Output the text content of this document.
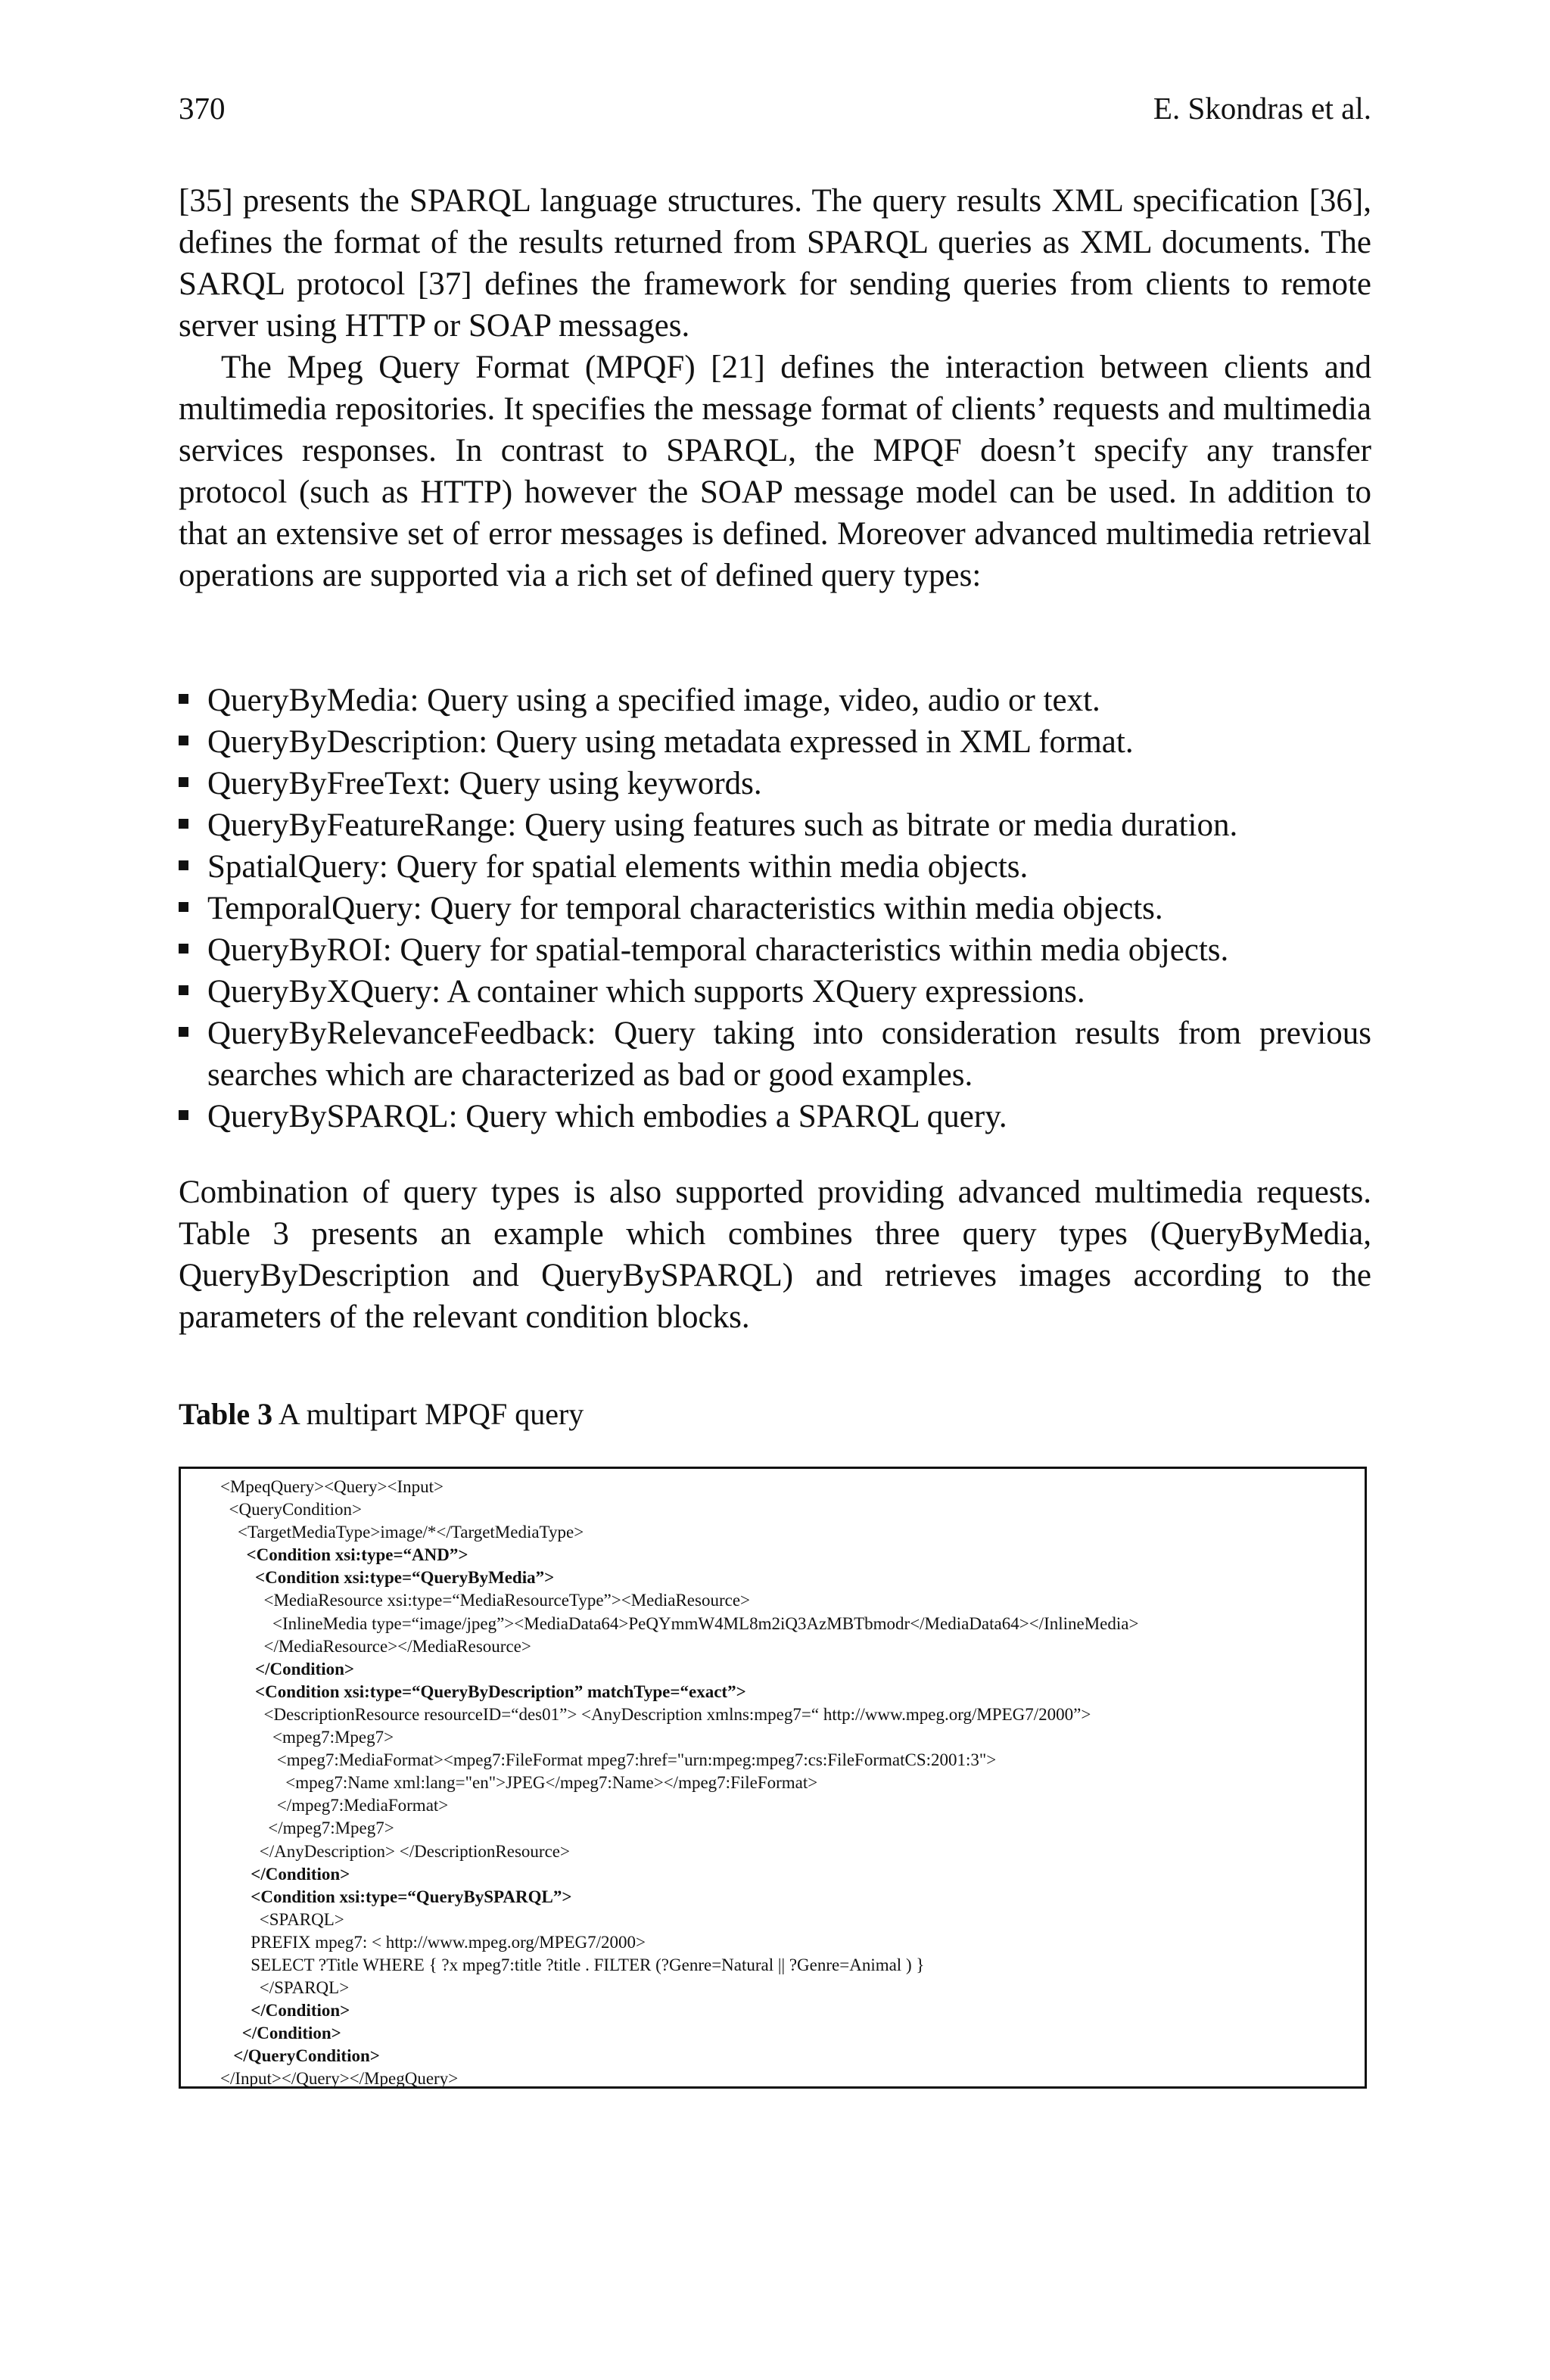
370	E. Skondras et al.

[35] presents the SPARQL language structures. The query results XML specification [36], defines the format of the results returned from SPARQL queries as XML documents. The SARQL protocol [37] defines the framework for sending queries from clients to remote server using HTTP or SOAP messages.

The Mpeg Query Format (MPQF) [21] defines the interaction between clients and multimedia repositories. It specifies the message format of clients’ requests and multimedia services responses. In contrast to SPARQL, the MPQF doesn’t specify any transfer protocol (such as HTTP) however the SOAP message model can be used. In addition to that an extensive set of error messages is defined. Moreover advanced multimedia retrieval operations are supported via a rich set of defined query types:

QueryByMedia: Query using a specified image, video, audio or text.
QueryByDescription: Query using metadata expressed in XML format.
QueryByFreeText: Query using keywords.
QueryByFeatureRange: Query using features such as bitrate or media duration.
SpatialQuery: Query for spatial elements within media objects.
TemporalQuery: Query for temporal characteristics within media objects.
QueryByROI: Query for spatial-temporal characteristics within media objects.
QueryByXQuery: A container which supports XQuery expressions.
QueryByRelevanceFeedback: Query taking into consideration results from previous searches which are characterized as bad or good examples.
QueryBySPARQL: Query which embodies a SPARQL query.

Combination of query types is also supported providing advanced multimedia requests. Table 3 presents an example which combines three query types (QueryByMedia, QueryByDescription and QueryBySPARQL) and retrieves images according to the parameters of the relevant condition blocks.

Table 3 A multipart MPQF query
<MpeqQuery><Query><Input>
<QueryCondition>
<TargetMediaType>image/*</TargetMediaType>
<Condition xsi:type=“AND”>
<Condition xsi:type=“QueryByMedia”>
<MediaResource xsi:type=“MediaResourceType”><MediaResource>
<InlineMedia type=“image/jpeg”><MediaData64>PeQYmmW4ML8m2iQ3AzMBTbmodr</MediaData64></InlineMedia>
</MediaResource></MediaResource>
</Condition>
<Condition xsi:type=“QueryByDescription” matchType=“exact”>
<DescriptionResource resourceID=“des01”> <AnyDescription xmlns:mpeg7=“ http://www.mpeg.org/MPEG7/2000”>
<mpeg7:Mpeg7>
<mpeg7:MediaFormat><mpeg7:FileFormat mpeg7:href="urn:mpeg:mpeg7:cs:FileFormatCS:2001:3">
<mpeg7:Name xml:lang="en">JPEG</mpeg7:Name></mpeg7:FileFormat>
</mpeg7:MediaFormat>
</mpeg7:Mpeg7>
</AnyDescription> </DescriptionResource>
</Condition>
<Condition xsi:type=“QueryBySPARQL”>
<SPARQL>
PREFIX mpeg7: < http://www.mpeg.org/MPEG7/2000>
SELECT ?Title WHERE { ?x mpeg7:title ?title . FILTER (?Genre=Natural || ?Genre=Animal ) }
</SPARQL>
</Condition>
</Condition>
</QueryCondition>
</Input></Query></MpegQuery>
